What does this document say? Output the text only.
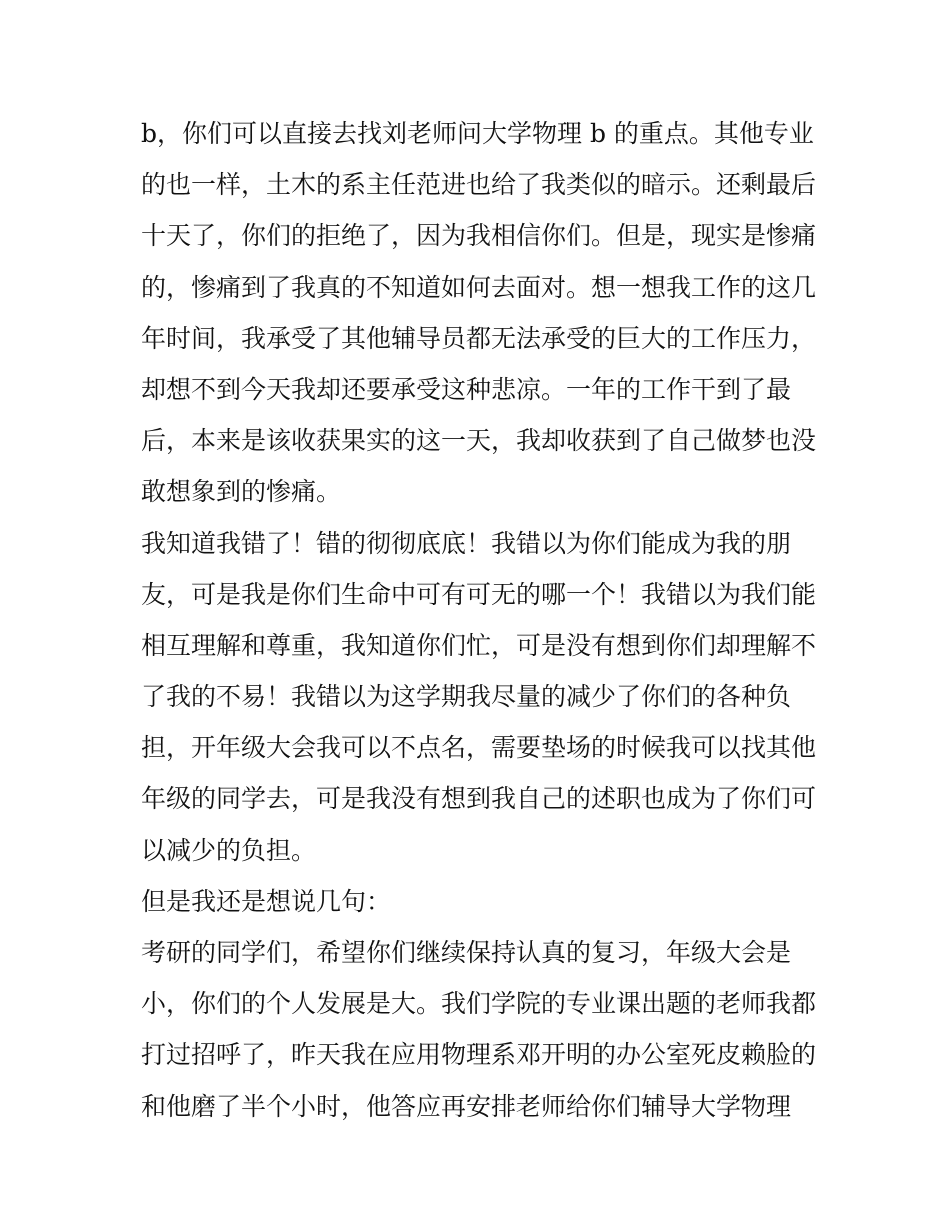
b，你们可以直接去找刘老师问大学物理 b 的重点。其他专业
的也一样，土木的系主任范进也给了我类似的暗示。还剩最后
十天了，你们的拒绝了，因为我相信你们。但是，现实是惨痛
的，惨痛到了我真的不知道如何去面对。想一想我工作的这几
年时间，我承受了其他辅导员都无法承受的巨大的工作压力，
却想不到今天我却还要承受这种悲凉。一年的工作干到了最
后，本来是该收获果实的这一天，我却收获到了自己做梦也没
敢想象到的惨痛。
我知道我错了！错的彻彻底底！我错以为你们能成为我的朋
友，可是我是你们生命中可有可无的哪一个！我错以为我们能
相互理解和尊重，我知道你们忙，可是没有想到你们却理解不
了我的不易！我错以为这学期我尽量的减少了你们的各种负
担，开年级大会我可以不点名，需要垫场的时候我可以找其他
年级的同学去，可是我没有想到我自己的述职也成为了你们可
以减少的负担。
但是我还是想说几句：
考研的同学们，希望你们继续保持认真的复习，年级大会是
小，你们的个人发展是大。我们学院的专业课出题的老师我都
打过招呼了，昨天我在应用物理系邓开明的办公室死皮赖脸的
和他磨了半个小时，他答应再安排老师给你们辅导大学物理
